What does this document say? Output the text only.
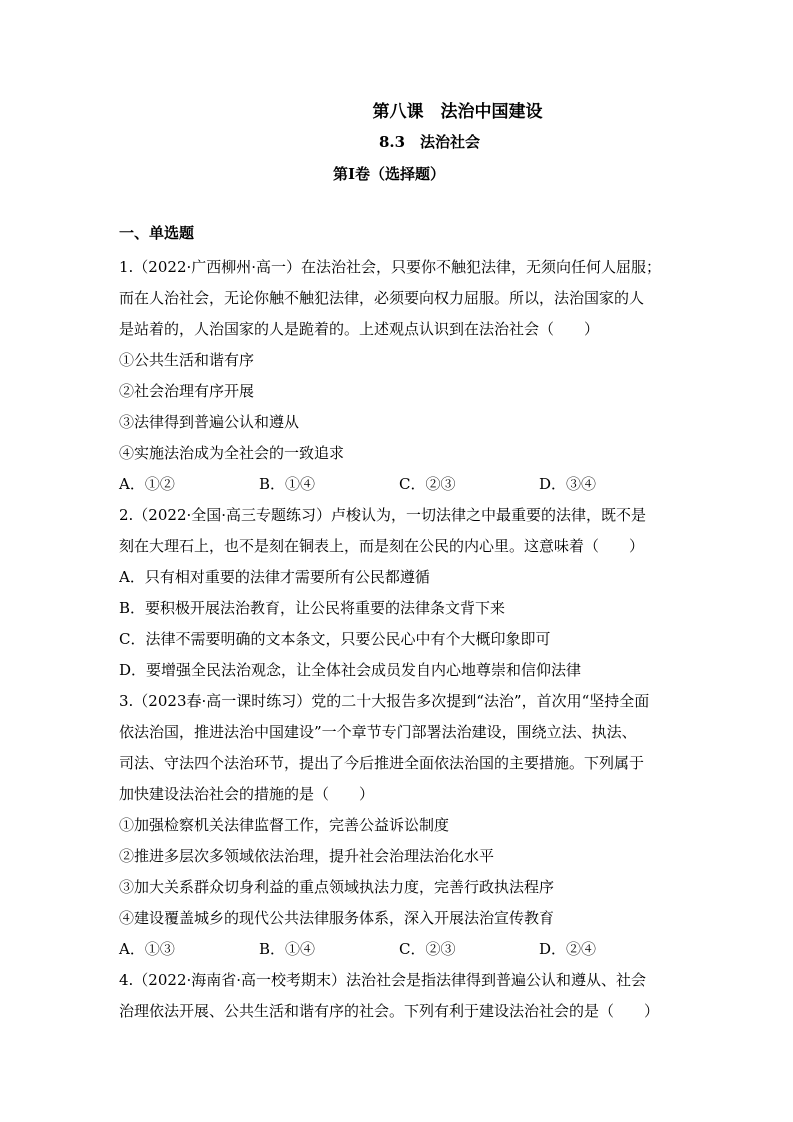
第八课　法治中国建设
8.3　法治社会
第I卷（选择题）
一、单选题
1.（2022·广西柳州·高一）在法治社会，只要你不触犯法律，无须向任何人屈服；
而在人治社会，无论你触不触犯法律，必须要向权力屈服。所以，法治国家的人
是站着的，人治国家的人是跪着的。上述观点认识到在法治社会（　　）
①公共生活和谐有序
②社会治理有序开展
③法律得到普遍公认和遵从
④实施法治成为全社会的一致追求
A．①②	B．①④	C．②③	D．③④
2.（2022·全国·高三专题练习）卢梭认为，一切法律之中最重要的法律，既不是
刻在大理石上，也不是刻在铜表上，而是刻在公民的内心里。这意味着（　　）
A．只有相对重要的法律才需要所有公民都遵循
B．要积极开展法治教育，让公民将重要的法律条文背下来
C．法律不需要明确的文本条文，只要公民心中有个大概印象即可
D．要增强全民法治观念，让全体社会成员发自内心地尊崇和信仰法律
3.（2023春·高一课时练习）党的二十大报告多次提到“法治”，首次用“坚持全面
依法治国，推进法治中国建设”一个章节专门部署法治建设，围绕立法、执法、
司法、守法四个法治环节，提出了今后推进全面依法治国的主要措施。下列属于
加快建设法治社会的措施的是（　　）
①加强检察机关法律监督工作，完善公益诉讼制度
②推进多层次多领域依法治理，提升社会治理法治化水平
③加大关系群众切身利益的重点领域执法力度，完善行政执法程序
④建设覆盖城乡的现代公共法律服务体系，深入开展法治宣传教育
A．①③	B．①④	C．②③	D．②④
4.（2022·海南省·高一校考期末）法治社会是指法律得到普遍公认和遵从、社会
治理依法开展、公共生活和谐有序的社会。下列有利于建设法治社会的是（　　）
